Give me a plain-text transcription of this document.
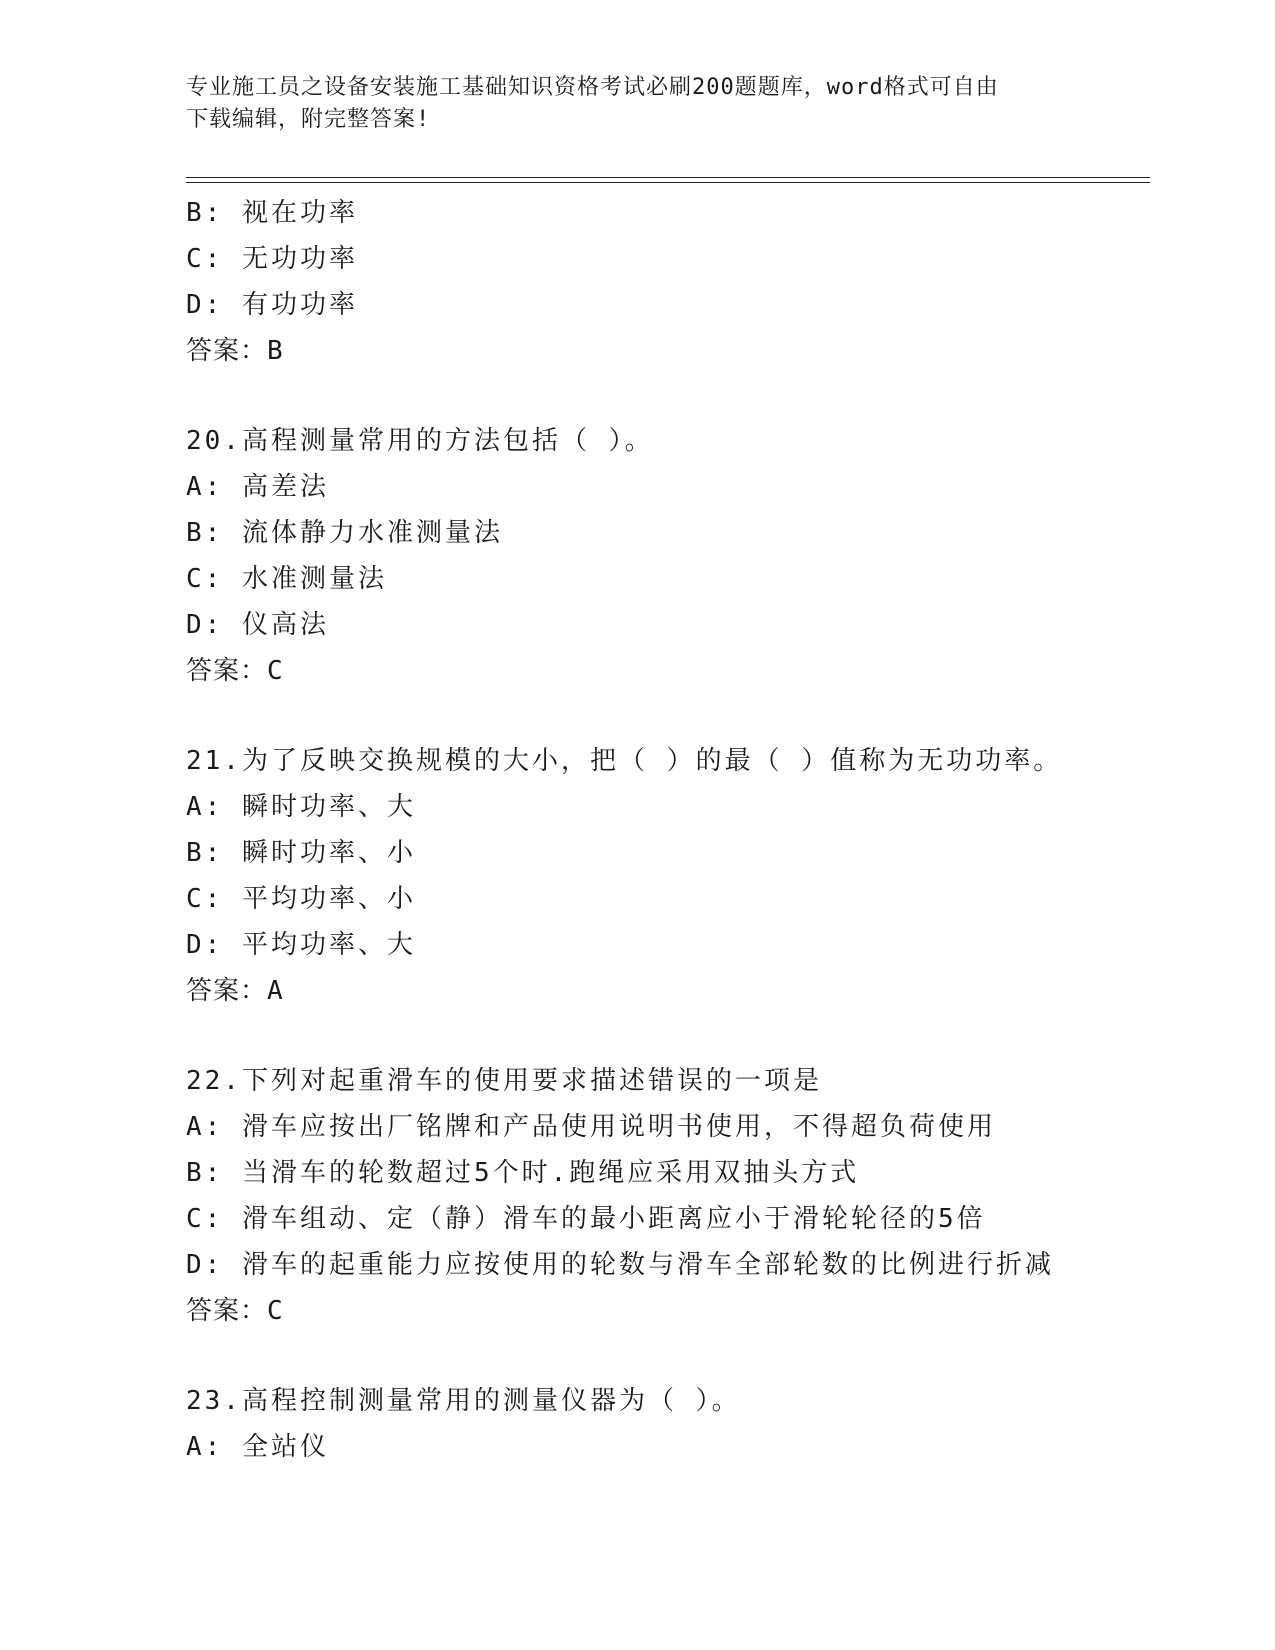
专业施工员之设备安装施工基础知识资格考试必刷200题题库，word格式可自由
下载编辑，附完整答案!
B: 视在功率
C: 无功功率
D: 有功功率
答案：B
20.高程测量常用的方法包括（ ）。
A: 高差法
B: 流体静力水准测量法
C: 水准测量法
D: 仪高法
答案：C
21.为了反映交换规模的大小，把（ ）的最（ ）值称为无功功率。
A: 瞬时功率、大
B: 瞬时功率、小
C: 平均功率、小
D: 平均功率、大
答案：A
22.下列对起重滑车的使用要求描述错误的一项是
A: 滑车应按出厂铭牌和产品使用说明书使用，不得超负荷使用
B: 当滑车的轮数超过5个时.跑绳应采用双抽头方式
C: 滑车组动、定（静）滑车的最小距离应小于滑轮轮径的5倍
D: 滑车的起重能力应按使用的轮数与滑车全部轮数的比例进行折减
答案：C
23.高程控制测量常用的测量仪器为（ ）。
A: 全站仪
